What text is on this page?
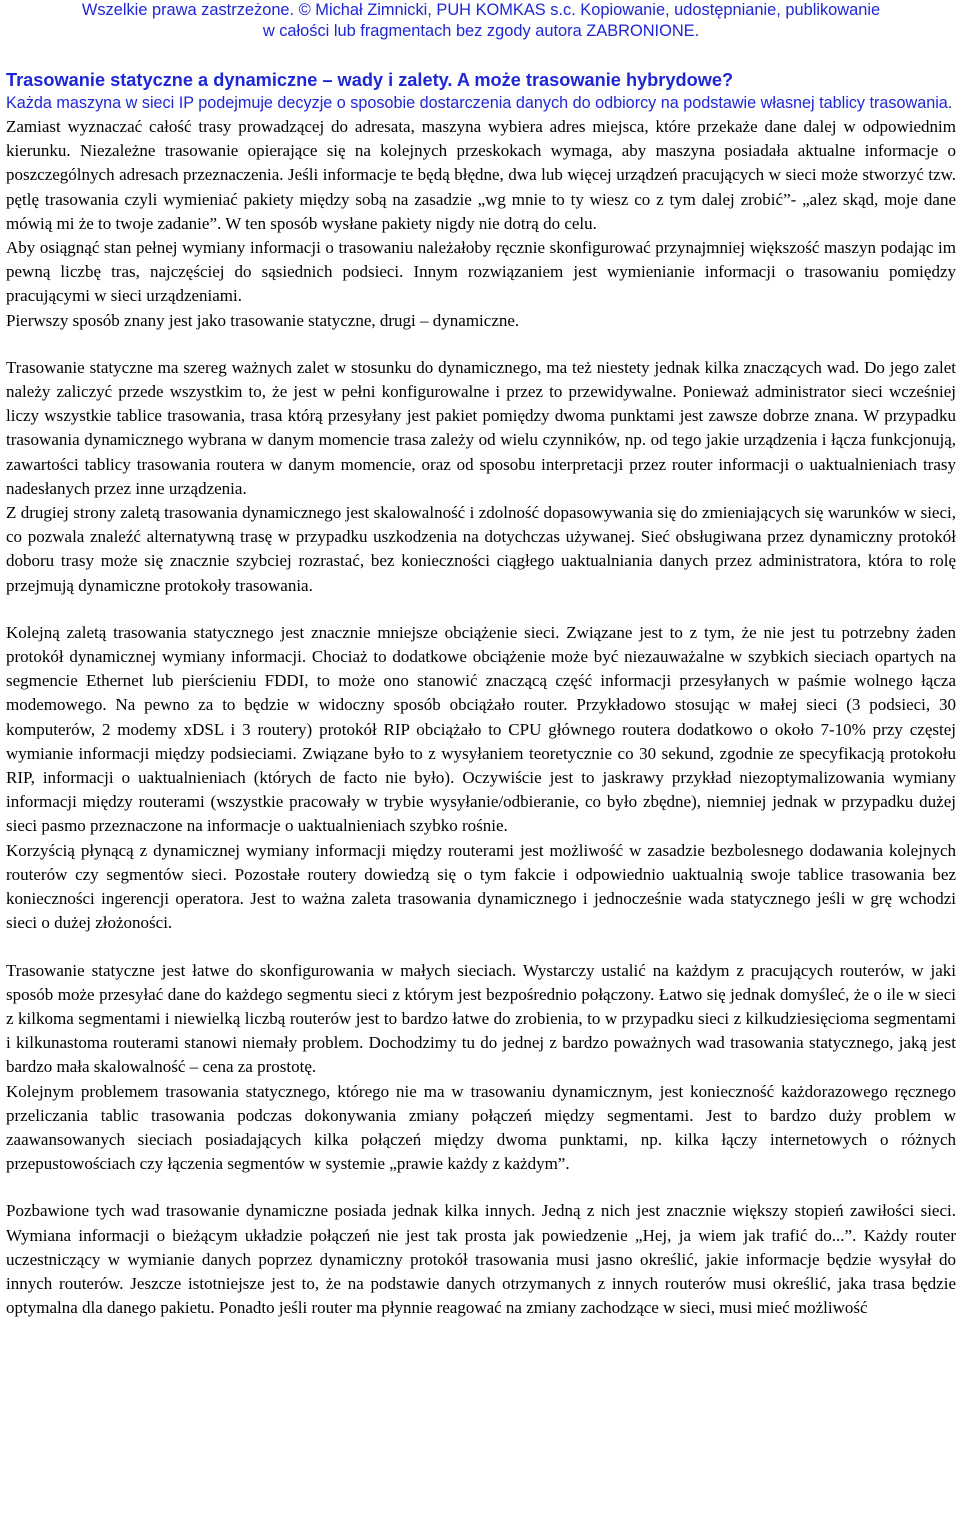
Wszelkie prawa zastrzeżone. © Michał Zimnicki, PUH KOMKAS s.c. Kopiowanie, udostępnianie, publikowanie
w całości lub fragmentach bez zgody autora ZABRONIONE.
Trasowanie statyczne a dynamiczne – wady i zalety. A może trasowanie hybrydowe?
Każda maszyna w sieci IP podejmuje decyzje o sposobie dostarczenia danych do odbiorcy na podstawie własnej tablicy trasowania.

Zamiast wyznaczać całość trasy prowadzącej do adresata, maszyna wybiera adres miejsca, które przekaże dane dalej w odpowiednim kierunku. Niezależne trasowanie opierające się na kolejnych przeskokach wymaga, aby maszyna posiadała aktualne informacje o poszczególnych adresach przeznaczenia. Jeśli informacje te będą błędne, dwa lub więcej urządzeń pracujących w sieci może stworzyć tzw. pętlę trasowania czyli wymieniać pakiety między sobą na zasadzie „wg mnie to ty wiesz co z tym dalej zrobić”- „alez skąd, moje dane mówią mi że to twoje zadanie”. W ten sposób wysłane pakiety nigdy nie dotrą do celu.

Aby osiągnąć stan pełnej wymiany informacji o trasowaniu należałoby ręcznie skonfigurować przynajmniej większość maszyn podając im pewną liczbę tras, najczęściej do sąsiednich podsieci. Innym rozwiązaniem jest wymienianie informacji o trasowaniu pomiędzy pracującymi w sieci urządzeniami.

Pierwszy sposób znany jest jako trasowanie statyczne, drugi – dynamiczne.

Trasowanie statyczne ma szereg ważnych zalet w stosunku do dynamicznego, ma też niestety jednak kilka znaczących wad. Do jego zalet należy zaliczyć przede wszystkim to, że jest w pełni konfigurowalne i przez to przewidywalne. Ponieważ administrator sieci wcześniej liczy wszystkie tablice trasowania, trasa którą przesyłany jest pakiet pomiędzy dwoma punktami jest zawsze dobrze znana. W przypadku trasowania dynamicznego wybrana w danym momencie trasa zależy od wielu czynników, np. od tego jakie urządzenia i łącza funkcjonują, zawartości tablicy trasowania routera w danym momencie, oraz od sposobu interpretacji przez router informacji o uaktualnieniach trasy nadesłanych przez inne urządzenia.

Z drugiej strony zaletą trasowania dynamicznego jest skalowalność i zdolność dopasowywania się do zmieniających się warunków w sieci, co pozwala znaleźć alternatywną trasę w przypadku uszkodzenia na dotychczas używanej. Sieć obsługiwana przez dynamiczny protokół doboru trasy może się znacznie szybciej rozrastać, bez konieczności ciągłego uaktualniania danych przez administratora, która to rolę przejmują dynamiczne protokoły trasowania.

Kolejną zaletą trasowania statycznego jest znacznie mniejsze obciążenie sieci. Związane jest to z tym, że nie jest tu potrzebny żaden protokół dynamicznej wymiany informacji. Chociaż to dodatkowe obciążenie może być niezauważalne w szybkich sieciach opartych na segmencie Ethernet lub pierścieniu FDDI, to może ono stanowić znaczącą część informacji przesyłanych w paśmie wolnego łącza modemowego. Na pewno za to będzie w widoczny sposób obciążało router. Przykładowo stosując w małej sieci (3 podsieci, 30 komputerów, 2 modemy xDSL i 3 routery) protokół RIP obciążało to CPU głównego routera dodatkowo o około 7-10% przy częstej wymianie informacji między podsieciami. Związane było to z wysyłaniem teoretycznie co 30 sekund, zgodnie ze specyfikacją protokołu RIP, informacji o uaktualnieniach (których de facto nie było). Oczywiście jest to jaskrawy przykład niezoptymalizowania wymiany informacji między routerami (wszystkie pracowały w trybie wysyłanie/odbieranie, co było zbędne), niemniej jednak w przypadku dużej sieci pasmo przeznaczone na informacje o uaktualnieniach szybko rośnie.

Korzyścią płynącą z dynamicznej wymiany informacji między routerami jest możliwość w zasadzie bezbolesnego dodawania kolejnych routerów czy segmentów sieci. Pozostałe routery dowiedzą się o tym fakcie i odpowiednio uaktualnią swoje tablice trasowania bez konieczności ingerencji operatora. Jest to ważna zaleta trasowania dynamicznego i jednocześnie wada statycznego jeśli w grę wchodzi sieci o dużej złożoności.

Trasowanie statyczne jest łatwe do skonfigurowania w małych sieciach. Wystarczy ustalić na każdym z pracujących routerów, w jaki sposób może przesyłać dane do każdego segmentu sieci z którym jest bezpośrednio połączony. Łatwo się jednak domyśleć, że o ile w sieci z kilkoma segmentami i niewielką liczbą routerów jest to bardzo łatwe do zrobienia, to w przypadku sieci z kilkudziesięcioma segmentami i kilkunastoma routerami stanowi niemały problem. Dochodzimy tu do jednej z bardzo poważnych wad trasowania statycznego, jaką jest bardzo mała skalowalność – cena za prostotę.

Kolejnym problemem trasowania statycznego, którego nie ma w trasowaniu dynamicznym, jest konieczność każdorazowego ręcznego przeliczania tablic trasowania podczas dokonywania zmiany połączeń między segmentami. Jest to bardzo duży problem w zaawansowanych sieciach posiadających kilka połączeń między dwoma punktami, np. kilka łączy internetowych o różnych przepustowościach czy łączenia segmentów w systemie „prawie każdy z każdym”.

Pozbawione tych wad trasowanie dynamiczne posiada jednak kilka innych. Jedną z nich jest znacznie większy stopień zawiłości sieci. Wymiana informacji o bieżącym układzie połączeń nie jest tak prosta jak powiedzenie „Hej, ja wiem jak trafić do...”. Każdy router uczestniczący w wymianie danych poprzez dynamiczny protokół trasowania musi jasno określić, jakie informacje będzie wysyłał do innych routerów. Jeszcze istotniejsze jest to, że na podstawie danych otrzymanych z innych routerów musi określić, jaka trasa będzie optymalna dla danego pakietu. Ponadto jeśli router ma płynnie reagować na zmiany zachodzące w sieci, musi mieć możliwość
